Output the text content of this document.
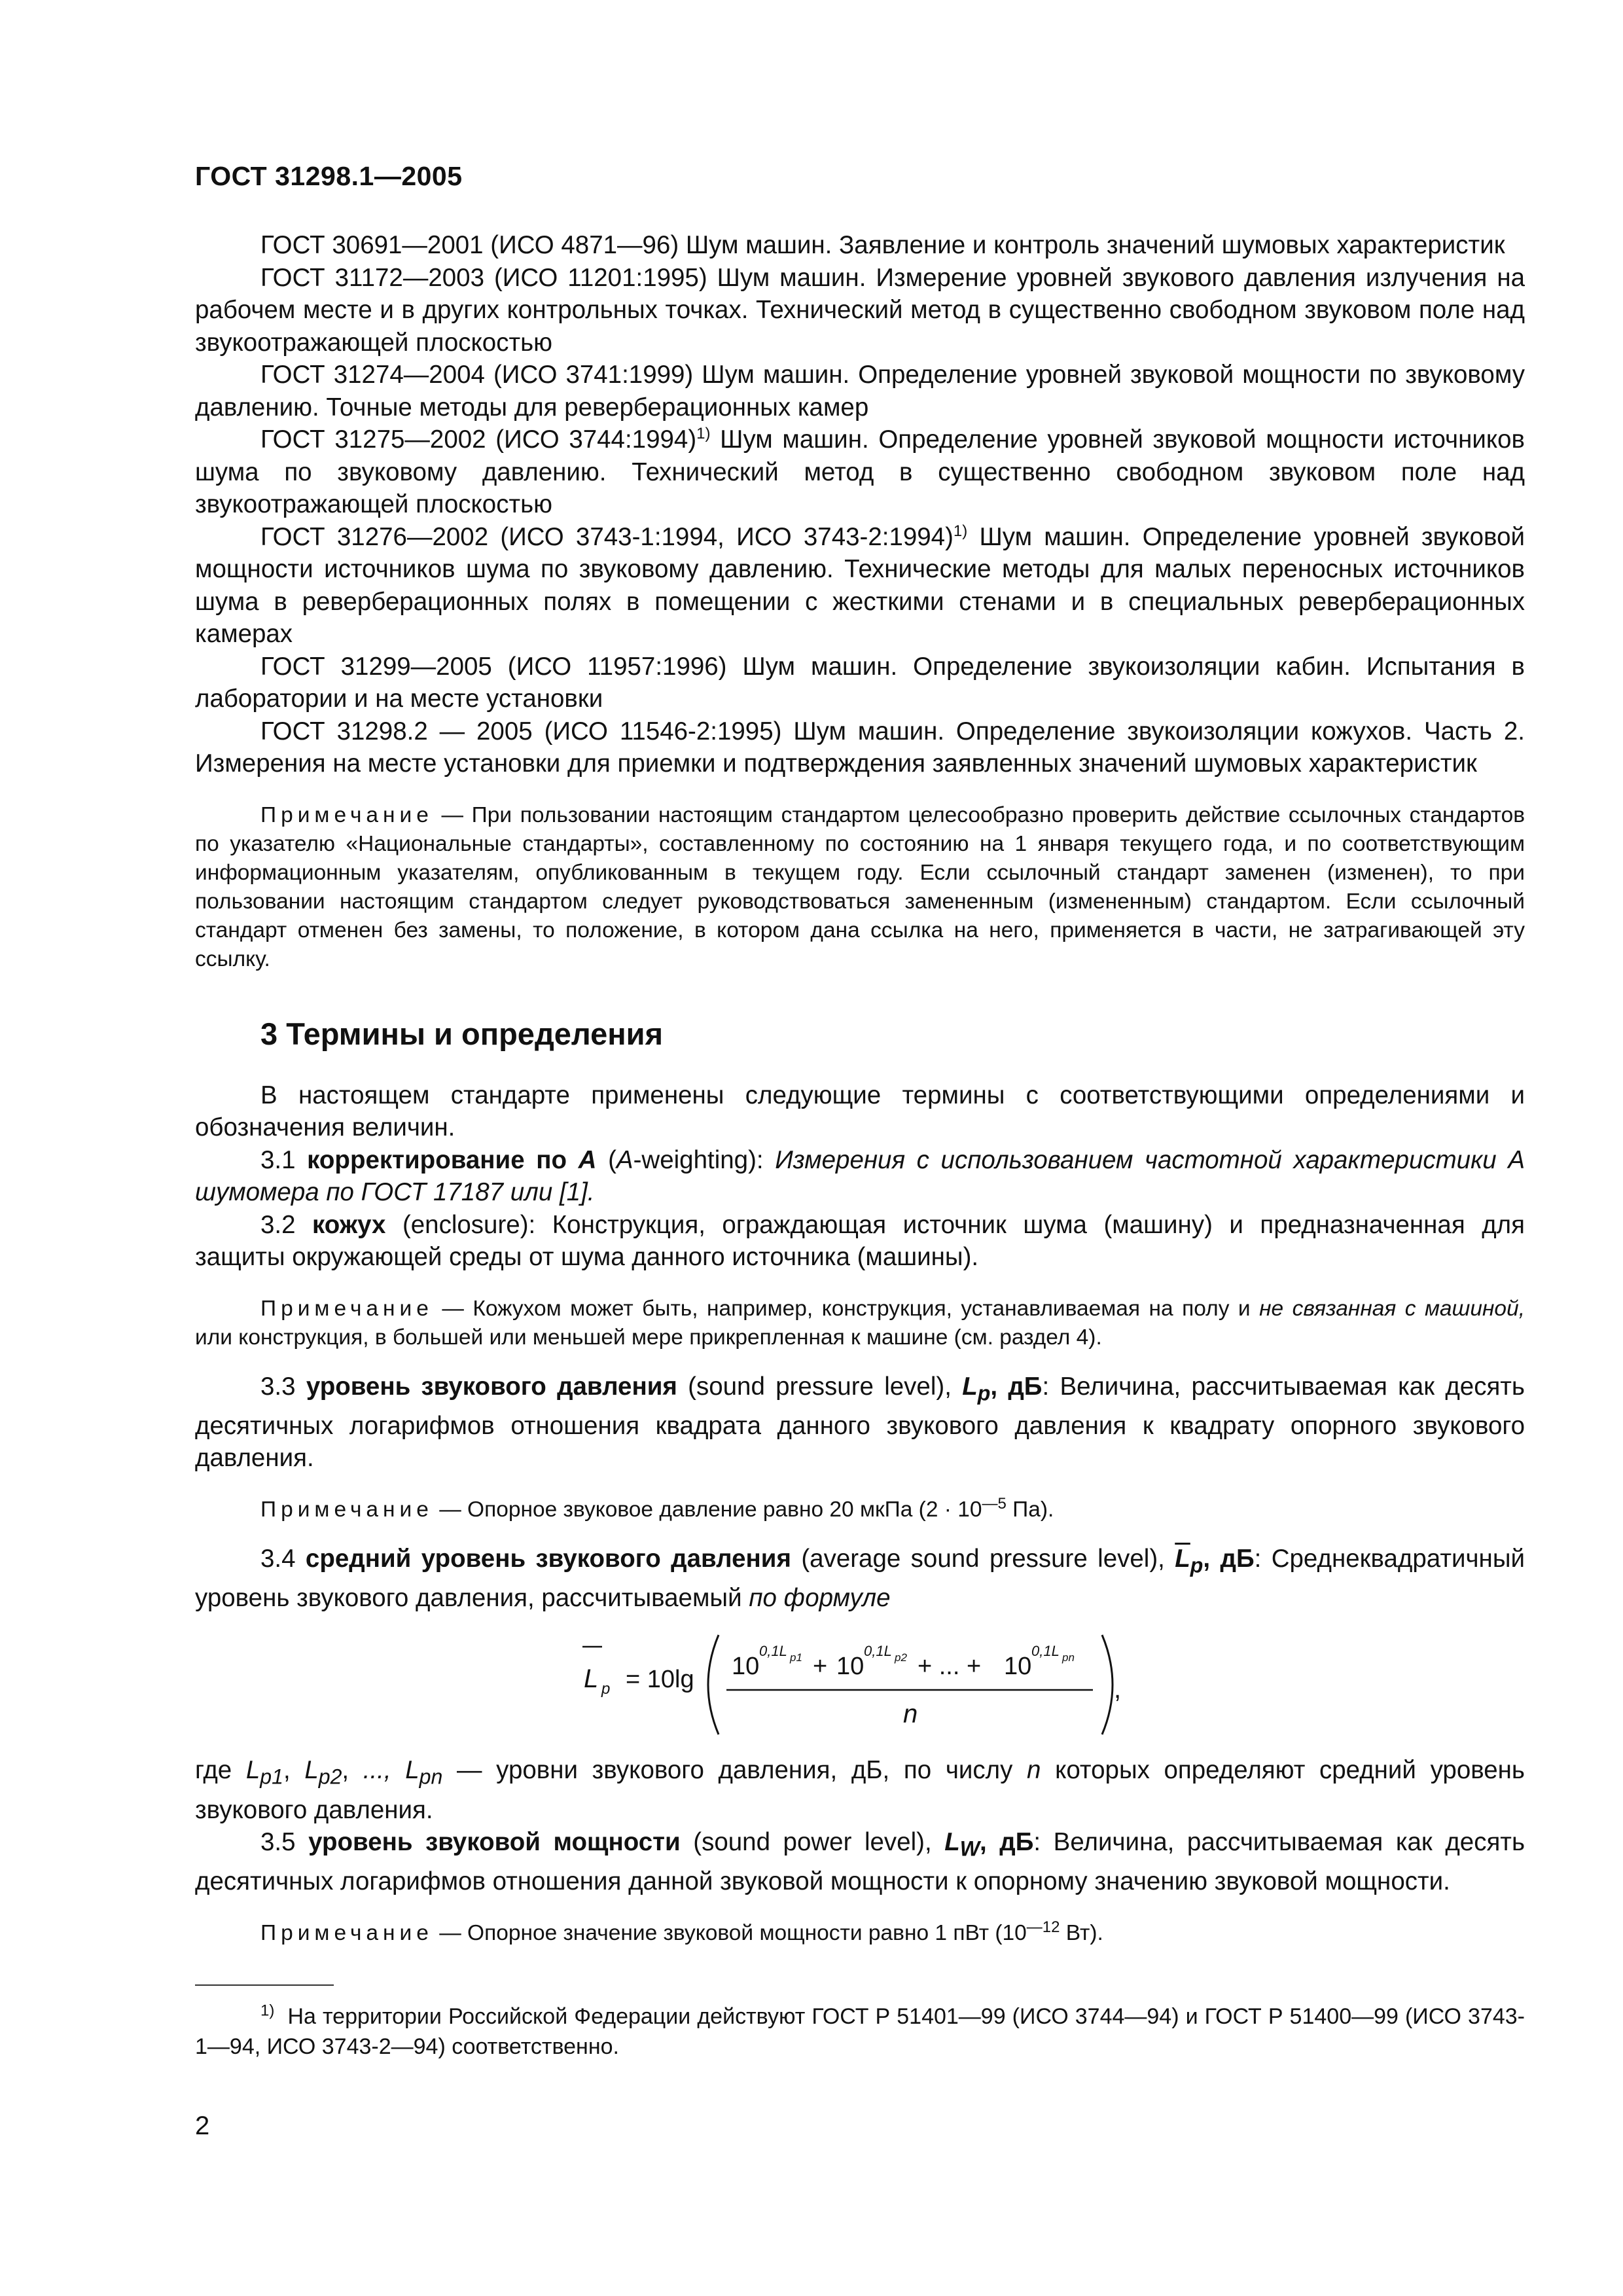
ГОСТ 31298.1—2005

ГОСТ 30691—2001 (ИСО 4871—96) Шум машин. Заявление и контроль значений шумовых характеристик

ГОСТ 31172—2003 (ИСО 11201:1995) Шум машин. Измерение уровней звукового давления излучения на рабочем месте и в других контрольных точках. Технический метод в существенно свободном звуковом поле над звукоотражающей плоскостью

ГОСТ 31274—2004 (ИСО 3741:1999) Шум машин. Определение уровней звуковой мощности по звуковому давлению. Точные методы для реверберационных камер

ГОСТ 31275—2002 (ИСО 3744:1994)$^{1)}$ Шум машин. Определение уровней звуковой мощности источников шума по звуковому давлению. Технический метод в существенно свободном звуковом поле над звукоотражающей плоскостью

ГОСТ 31276—2002 (ИСО 3743-1:1994, ИСО 3743-2:1994)$^{1)}$ Шум машин. Определение уровней звуковой мощности источников шума по звуковому давлению. Технические методы для малых переносных источников шума в реверберационных полях в помещении с жесткими стенами и в специальных реверберационных камерах

ГОСТ 31299—2005 (ИСО 11957:1996) Шум машин. Определение звукоизоляции кабин. Испытания в лаборатории и на месте установки

ГОСТ 31298.2 — 2005 (ИСО 11546-2:1995) Шум машин. Определение звукоизоляции кожухов. Часть 2. Измерения на месте установки для приемки и подтверждения заявленных значений шумовых характеристик

Примечание — При пользовании настоящим стандартом целесообразно проверить действие ссылочных стандартов по указателю «Национальные стандарты», составленному по состоянию на 1 января текущего года, и по соответствующим информационным указателям, опубликованным в текущем году. Если ссылочный стандарт заменен (изменен), то при пользовании настоящим стандартом следует руководствоваться замененным (измененным) стандартом. Если ссылочный стандарт отменен без замены, то положение, в котором дана ссылка на него, применяется в части, не затрагивающей эту ссылку.

3 Термины и определения

В настоящем стандарте применены следующие термины с соответствующими определениями и обозначения величин.

3.1 корректирование по A (A-weighting): Измерения с использованием частотной характеристики А шумомера по ГОСТ 17187 или [1].

3.2 кожух (enclosure): Конструкция, ограждающая источник шума (машину) и предназначенная для защиты окружающей среды от шума данного источника (машины).

Примечание — Кожухом может быть, например, конструкция, устанавливаемая на полу и не связанная с машиной, или конструкция, в большей или меньшей мере прикрепленная к машине (см. раздел 4).

3.3 уровень звукового давления (sound pressure level), $L_p$, дБ: Величина, рассчитываемая как десять десятичных логарифмов отношения квадрата данного звукового давления к квадрату опорного звукового давления.

Примечание — Опорное звуковое давление равно 20 мкПа ($2 \cdot 10^{—5}$ Па).

3.4 средний уровень звукового давления (average sound pressure level), $\overline{L}_p$, дБ: Среднеквадратичный уровень звукового давления, рассчитываемый по формуле

L p = 10lg 10
0,1L p1 + 10
0,1L p2 + ... + 10
0,1L pn
n
,

где $L_{p1}$, $L_{p2}$, ..., $L_{pn}$ — уровни звукового давления, дБ, по числу n которых определяют средний уровень звукового давления.

3.5 уровень звуковой мощности (sound power level), $L_W$, дБ: Величина, рассчитываемая как десять десятичных логарифмов отношения данной звуковой мощности к опорному значению звуковой мощности.

Примечание — Опорное значение звуковой мощности равно 1 пВт ($10^{—12}$ Вт).

$^{1)}$ На территории Российской Федерации действуют ГОСТ Р 51401—99 (ИСО 3744—94) и ГОСТ Р 51400—99 (ИСО 3743-1—94, ИСО 3743-2—94) соответственно.

2
